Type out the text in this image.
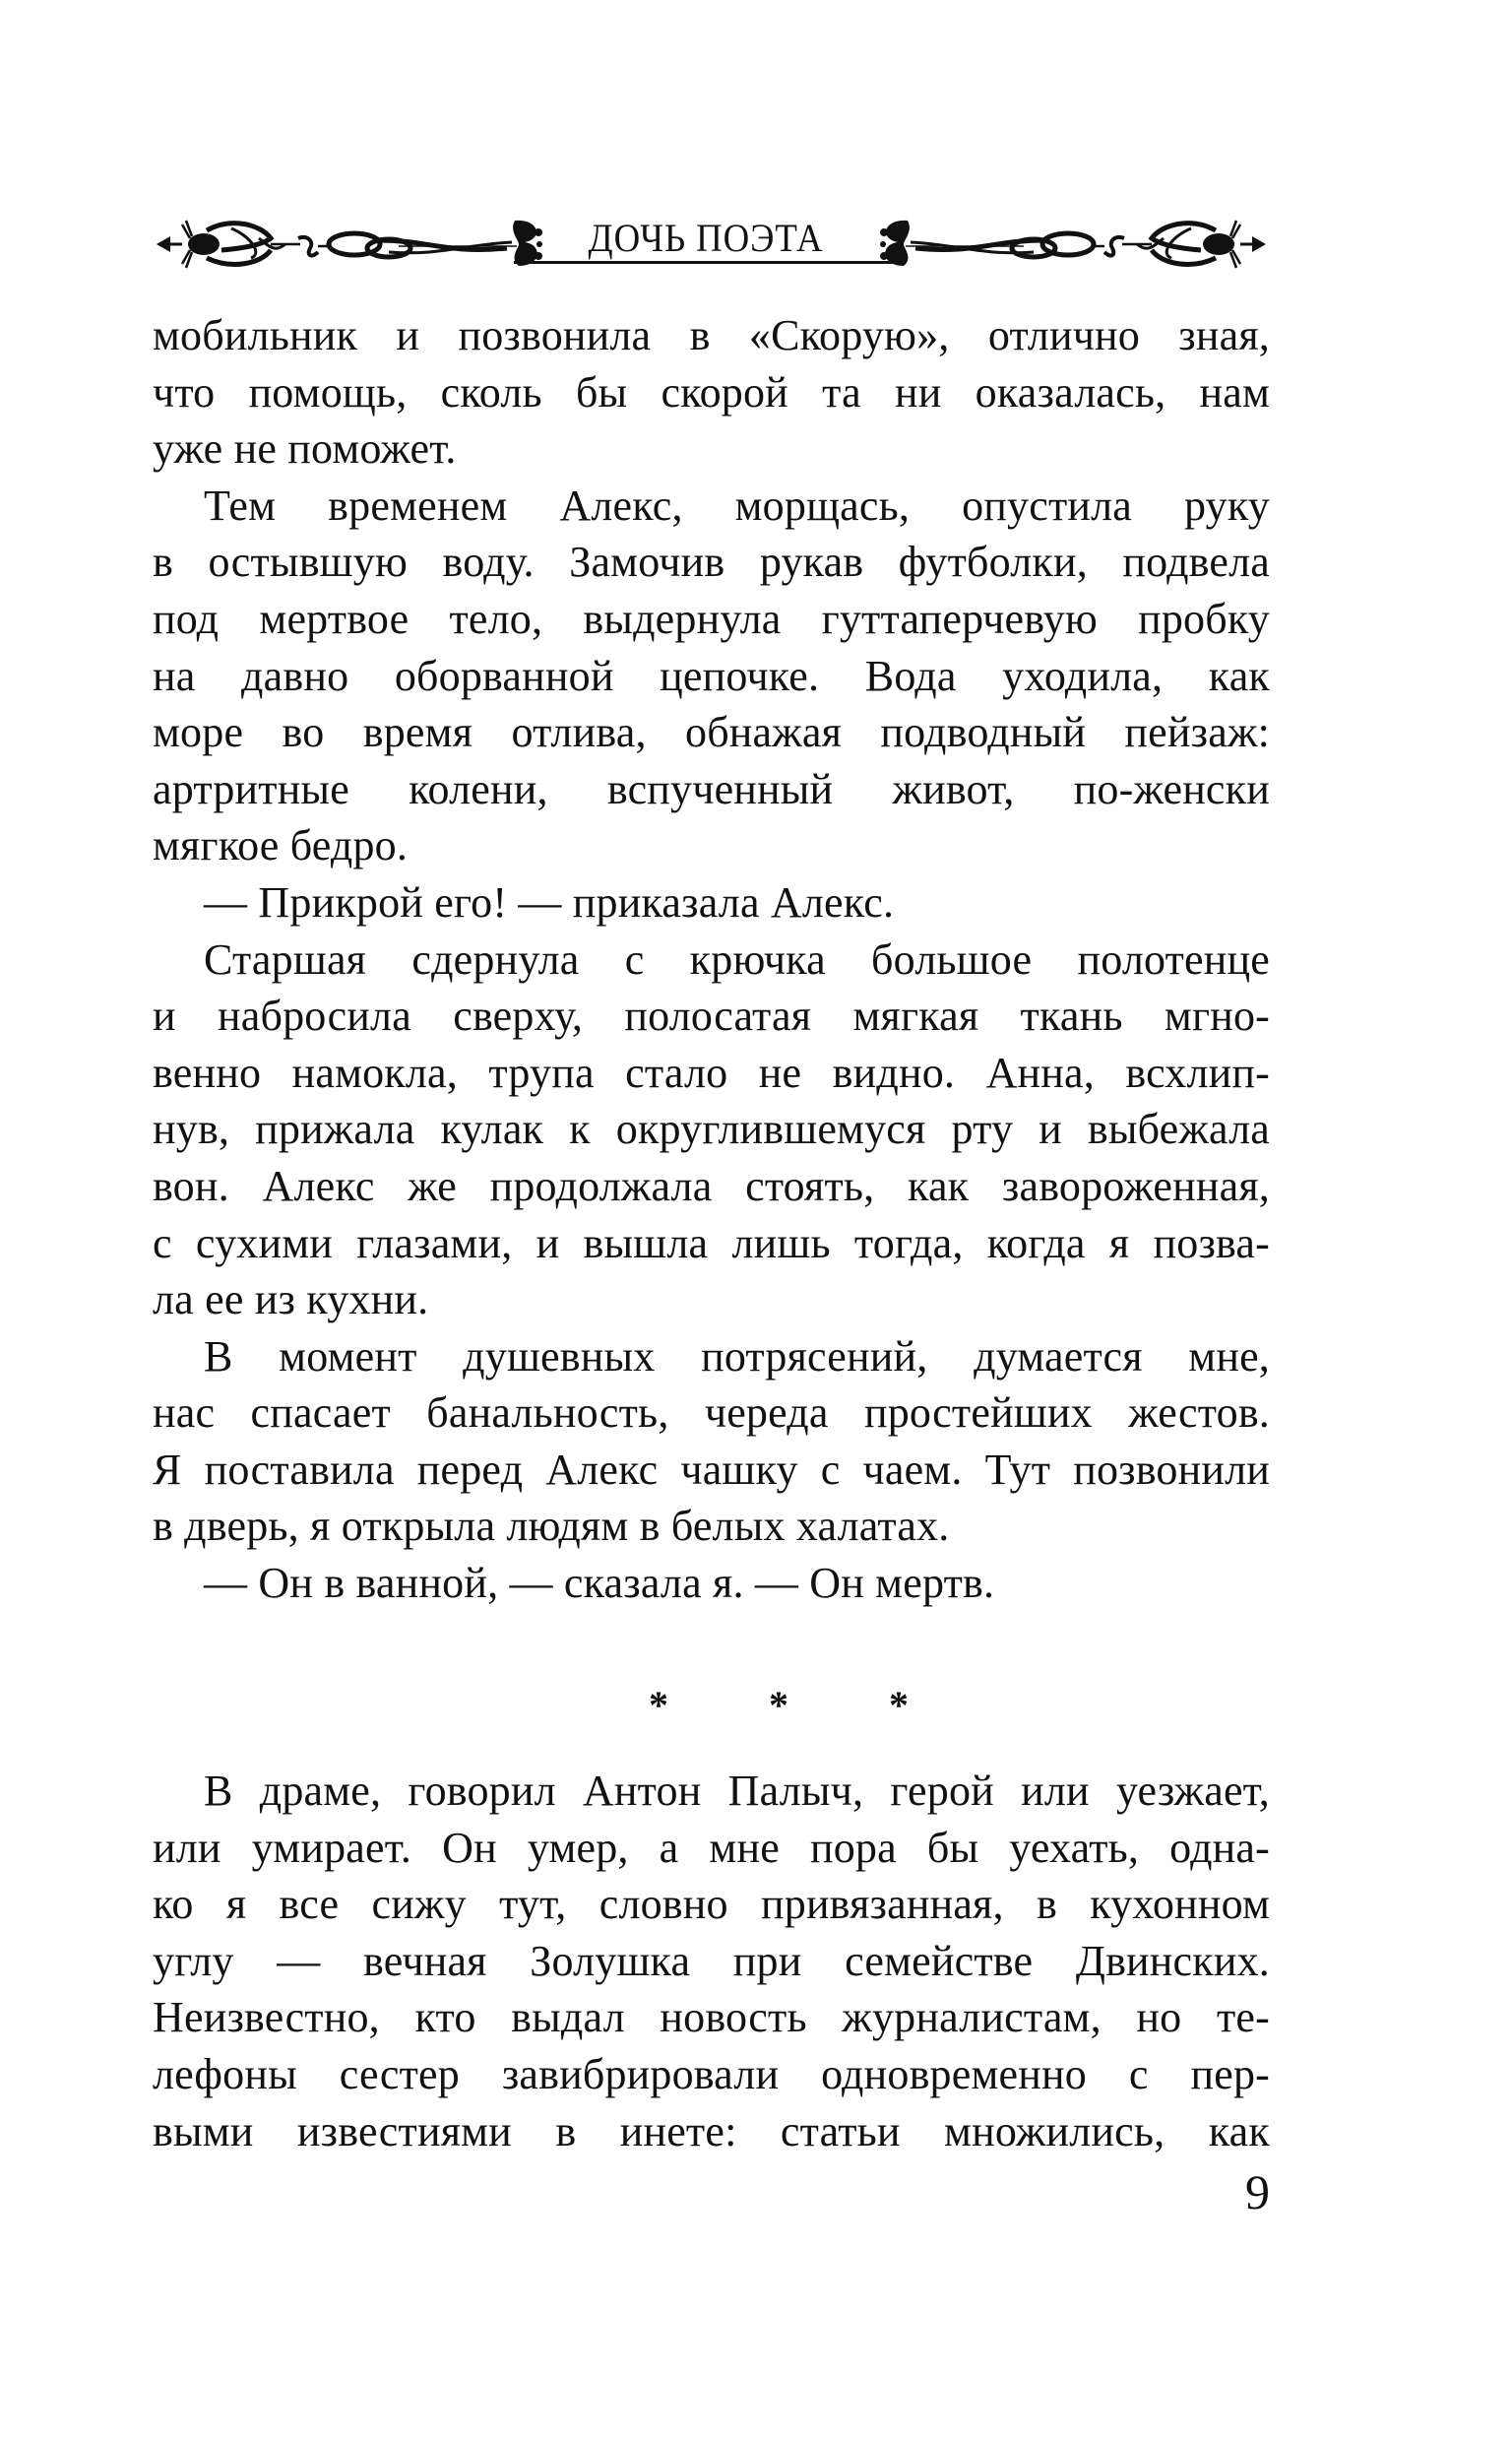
ДОЧЬ ПОЭТА
мобильник и позвонила в «Скорую», отлично зная,
что помощь, сколь бы скорой та ни оказалась, нам
уже не поможет.
Тем временем Алекс, морщась, опустила руку
в остывшую воду. Замочив рукав футболки, подвела
под мертвое тело, выдернула гуттаперчевую пробку
на давно оборванной цепочке. Вода уходила, как
море во время отлива, обнажая подводный пейзаж:
артритные колени, вспученный живот, по-женски
мягкое бедро.
— Прикрой его! — приказала Алекс.
Старшая сдернула с крючка большое полотенце
и набросила сверху, полосатая мягкая ткань мгно-
венно намокла, трупа стало не видно. Анна, всхлип-
нув, прижала кулак к округлившемуся рту и выбежала
вон. Алекс же продолжала стоять, как завороженная,
с сухими глазами, и вышла лишь тогда, когда я позва-
ла ее из кухни.
В момент душевных потрясений, думается мне,
нас спасает банальность, череда простейших жестов.
Я поставила перед Алекс чашку с чаем. Тут позвонили
в дверь, я открыла людям в белых халатах.
— Он в ванной, — сказала я. — Он мертв.
* * *
В драме, говорил Антон Палыч, герой или уезжает,
или умирает. Он умер, а мне пора бы уехать, одна-
ко я все сижу тут, словно привязанная, в кухонном
углу — вечная Золушка при семействе Двинских.
Неизвестно, кто выдал новость журналистам, но те-
лефоны сестер завибрировали одновременно с пер-
выми известиями в инете: статьи множились, как
9
